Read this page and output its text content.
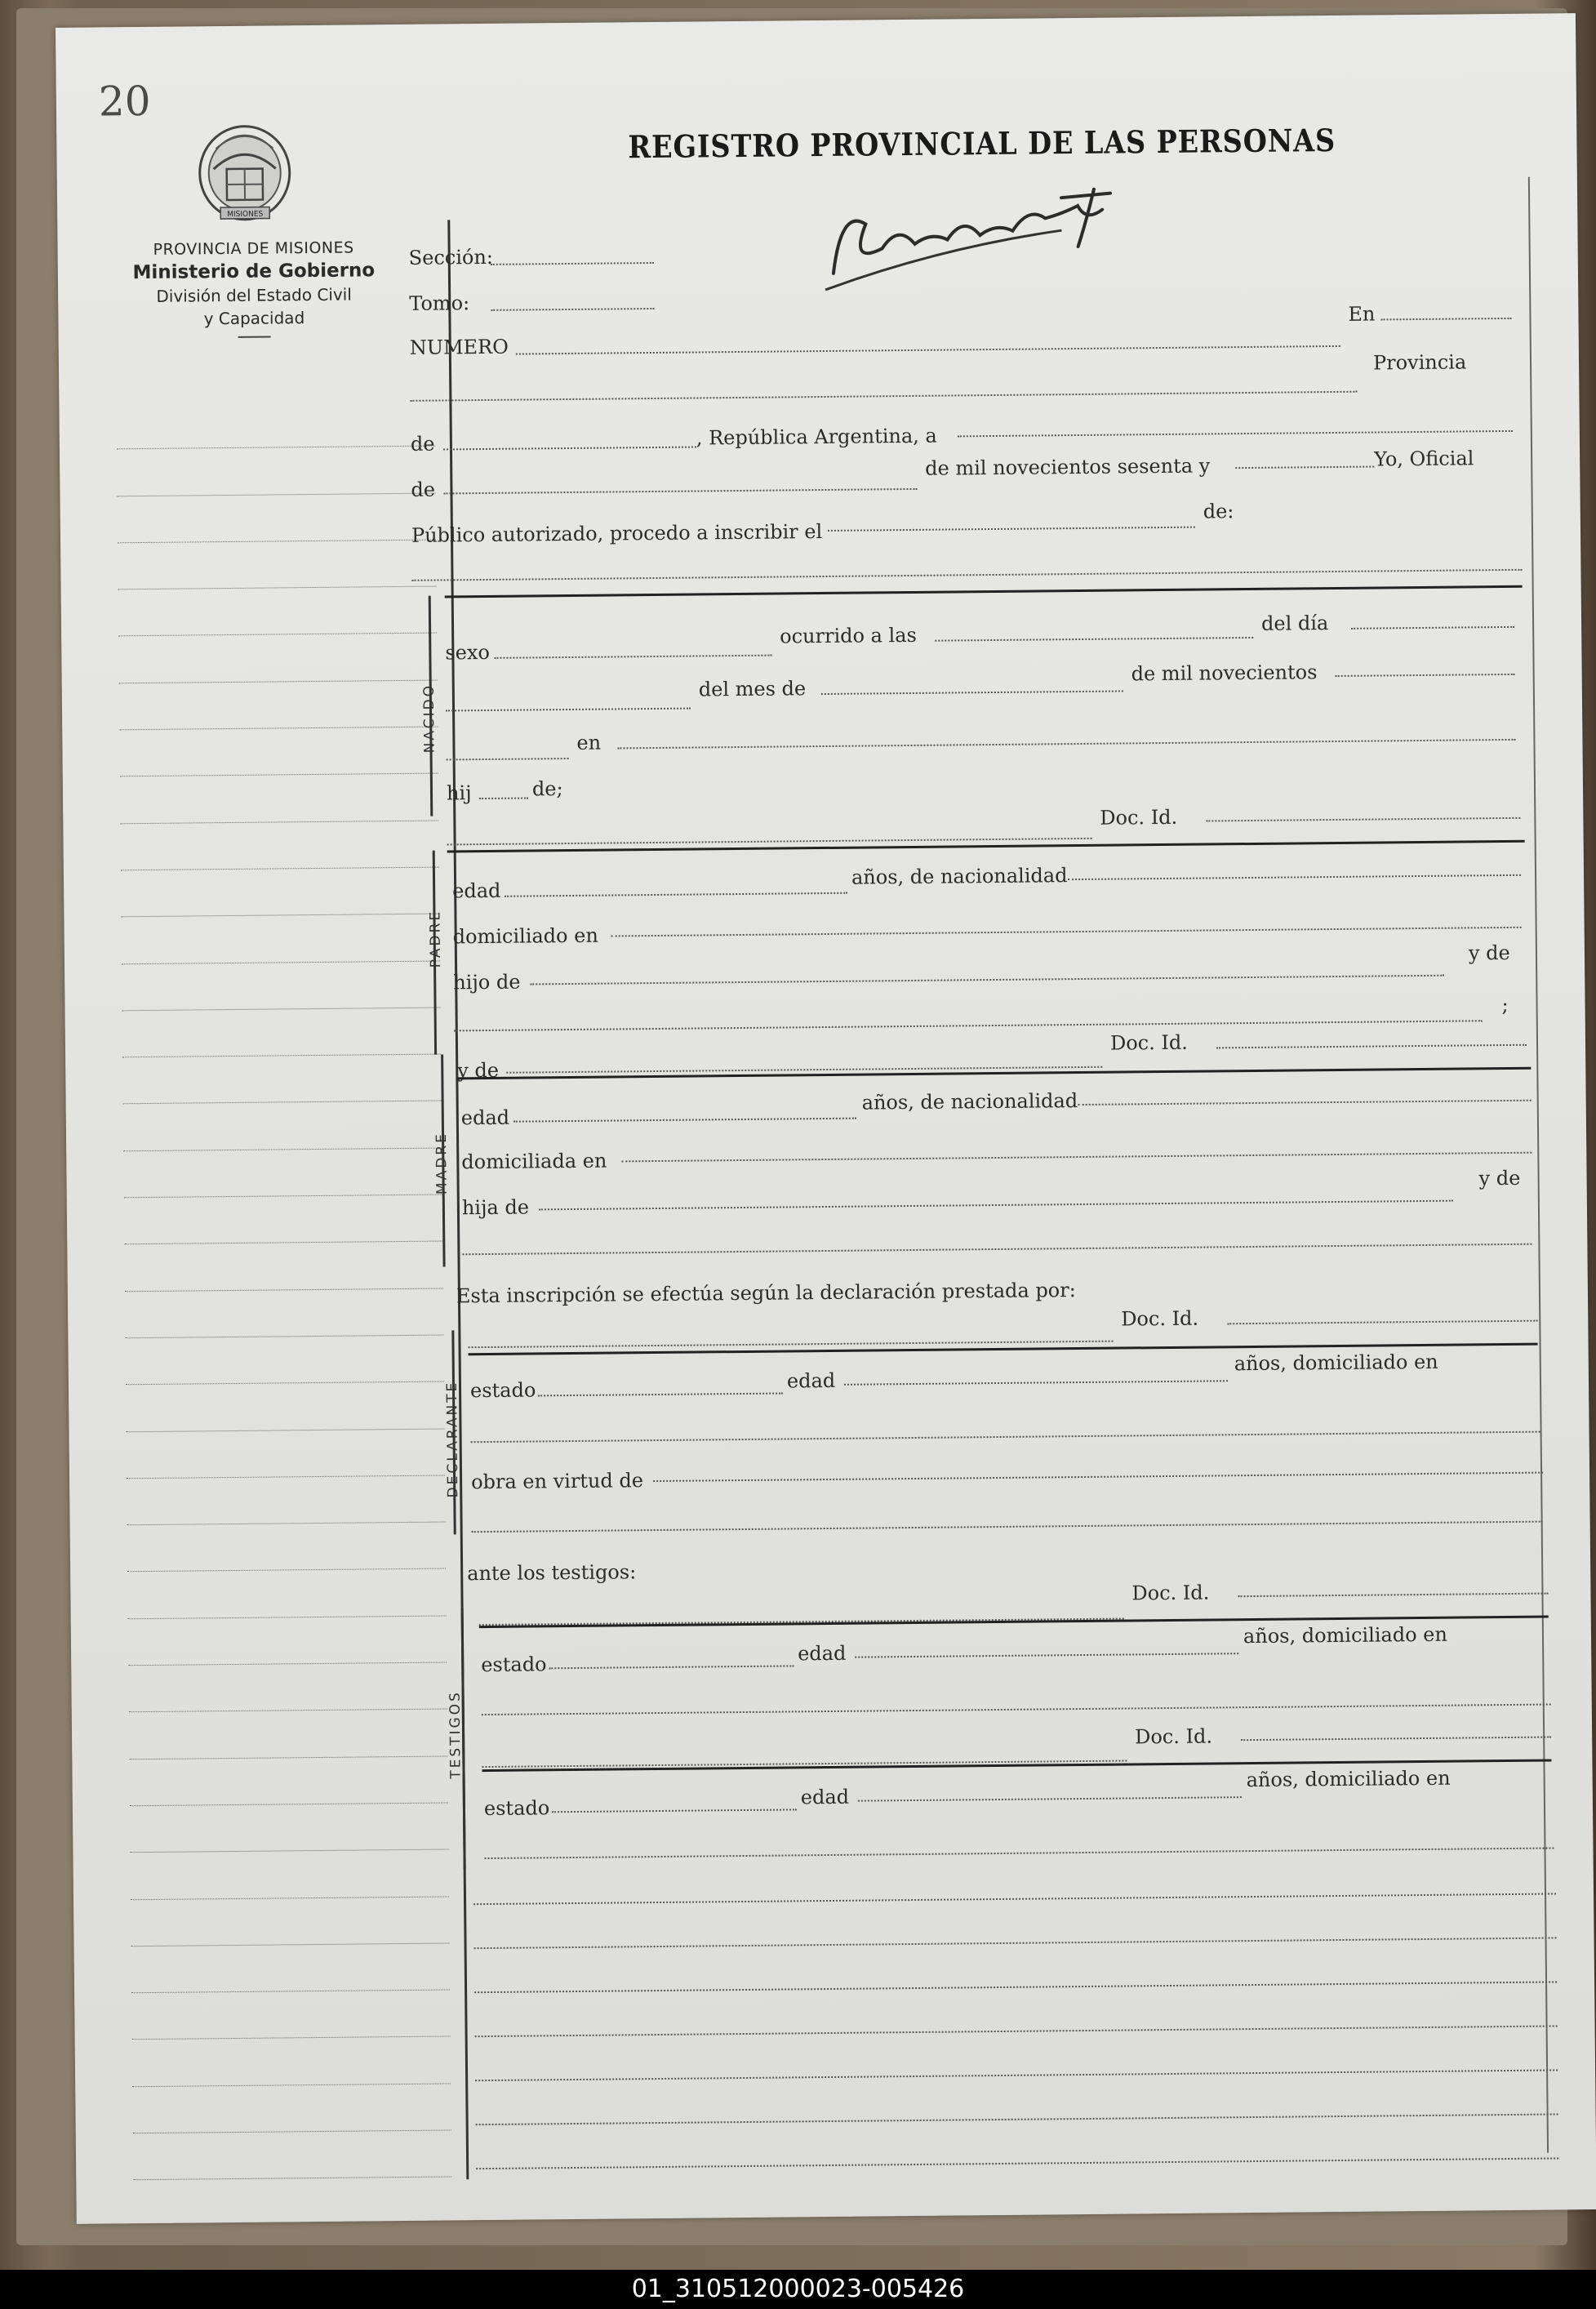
20
MISIONES
PROVINCIA DE MISIONES
Ministerio de Gobierno
División del Estado Civil
y Capacidad
REGISTRO PROVINCIAL DE LAS PERSONAS
Sección:
Tomo:
NUMERO
En
Provincia
de	, República Argentina, a
de
de mil novecientos sesenta y	Yo, Oficial
Público autorizado, procedo a inscribir el
de:
NACIDO
sexo
ocurrido a las
del día
del mes de
de mil novecientos
en
hij	de;
Doc. Id.
PADRE
edad
años, de nacionalidad
domiciliado en
hijo de
y de
;
y de
Doc. Id.
MADRE
edad
años, de nacionalidad
domiciliada en
hija de
y de
Esta inscripción se efectúa según la declaración prestada por:
Doc. Id.
DECLARANTE estado	edad
años, domiciliado en
obra en virtud de
ante los testigos:
Doc. Id.
TESTIGOS
estado	edad
años, domiciliado en
Doc. Id.
estado	edad
años, domiciliado en
01_310512000023-005426
